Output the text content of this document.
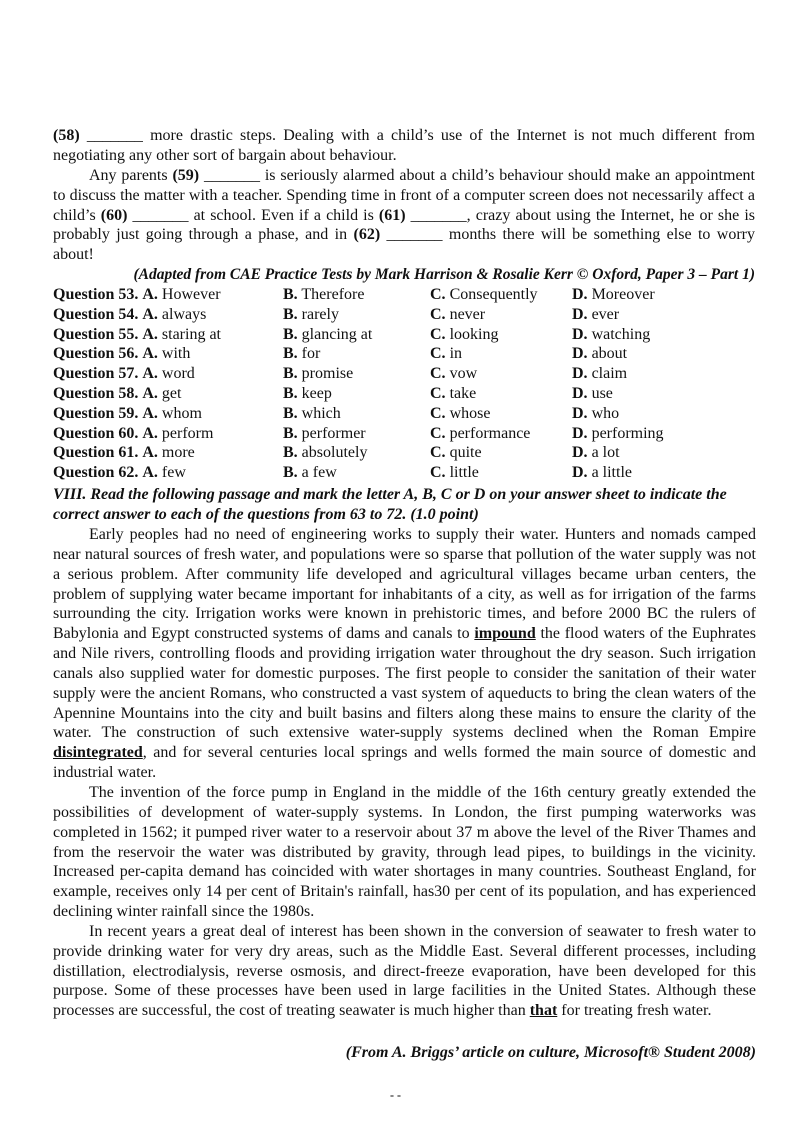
(58) _______ more drastic steps. Dealing with a child’s use of the Internet is not much different from negotiating any other sort of bargain about behaviour.
Any parents (59) _______ is seriously alarmed about a child’s behaviour should make an appointment to discuss the matter with a teacher. Spending time in front of a computer screen does not necessarily affect a child’s (60) _______ at school. Even if a child is (61) _______, crazy about using the Internet, he or she is probably just going through a phase, and in (62) _______ months there will be something else to worry about!
(Adapted from CAE Practice Tests by Mark Harrison & Rosalie Kerr © Oxford, Paper 3 – Part 1)
Question 53. A. However	B. Therefore	C. Consequently	D. Moreover
Question 54. A. always	B. rarely	C. never	D. ever
Question 55. A. staring at	B. glancing at	C. looking	D. watching
Question 56. A. with	B. for	C. in	D. about
Question 57. A. word	B. promise	C. vow	D. claim
Question 58. A. get	B. keep	C. take	D. use
Question 59. A. whom	B. which	C. whose	D. who
Question 60. A. perform	B. performer	C. performance	D. performing
Question 61. A. more	B. absolutely	C. quite	D. a lot
Question 62. A. few	B. a few	C. little	D. a little
VIII. Read the following passage and mark the letter A, B, C or D on your answer sheet to indicate the correct answer to each of the questions from 63 to 72. (1.0 point)

Early peoples had no need of engineering works to supply their water. Hunters and nomads camped near natural sources of fresh water, and populations were so sparse that pollution of the water supply was not a serious problem. After community life developed and agricultural villages became urban centers, the problem of supplying water became important for inhabitants of a city, as well as for irrigation of the farms surrounding the city. Irrigation works were known in prehistoric times, and before 2000 BC the rulers of Babylonia and Egypt constructed systems of dams and canals to impound the flood waters of the Euphrates and Nile rivers, controlling floods and providing irrigation water throughout the dry season. Such irrigation canals also supplied water for domestic purposes. The first people to consider the sanitation of their water supply were the ancient Romans, who constructed a vast system of aqueducts to bring the clean waters of the Apennine Mountains into the city and built basins and filters along these mains to ensure the clarity of the water. The construction of such extensive water-supply systems declined when the Roman Empire disintegrated, and for several centuries local springs and wells formed the main source of domestic and industrial water.

The invention of the force pump in England in the middle of the 16th century greatly extended the possibilities of development of water-supply systems. In London, the first pumping waterworks was completed in 1562; it pumped river water to a reservoir about 37 m above the level of the River Thames and from the reservoir the water was distributed by gravity, through lead pipes, to buildings in the vicinity. Increased per-capita demand has coincided with water shortages in many countries. Southeast England, for example, receives only 14 per cent of Britain's rainfall, has30 per cent of its population, and has experienced declining winter rainfall since the 1980s.

In recent years a great deal of interest has been shown in the conversion of seawater to fresh water to provide drinking water for very dry areas, such as the Middle East. Several different processes, including distillation, electrodialysis, reverse osmosis, and direct-freeze evaporation, have been developed for this purpose. Some of these processes have been used in large facilities in the United States. Although these processes are successful, the cost of treating seawater is much higher than that for treating fresh water.

(From A. Briggs’ article on culture, Microsoft® Student 2008)
- -
